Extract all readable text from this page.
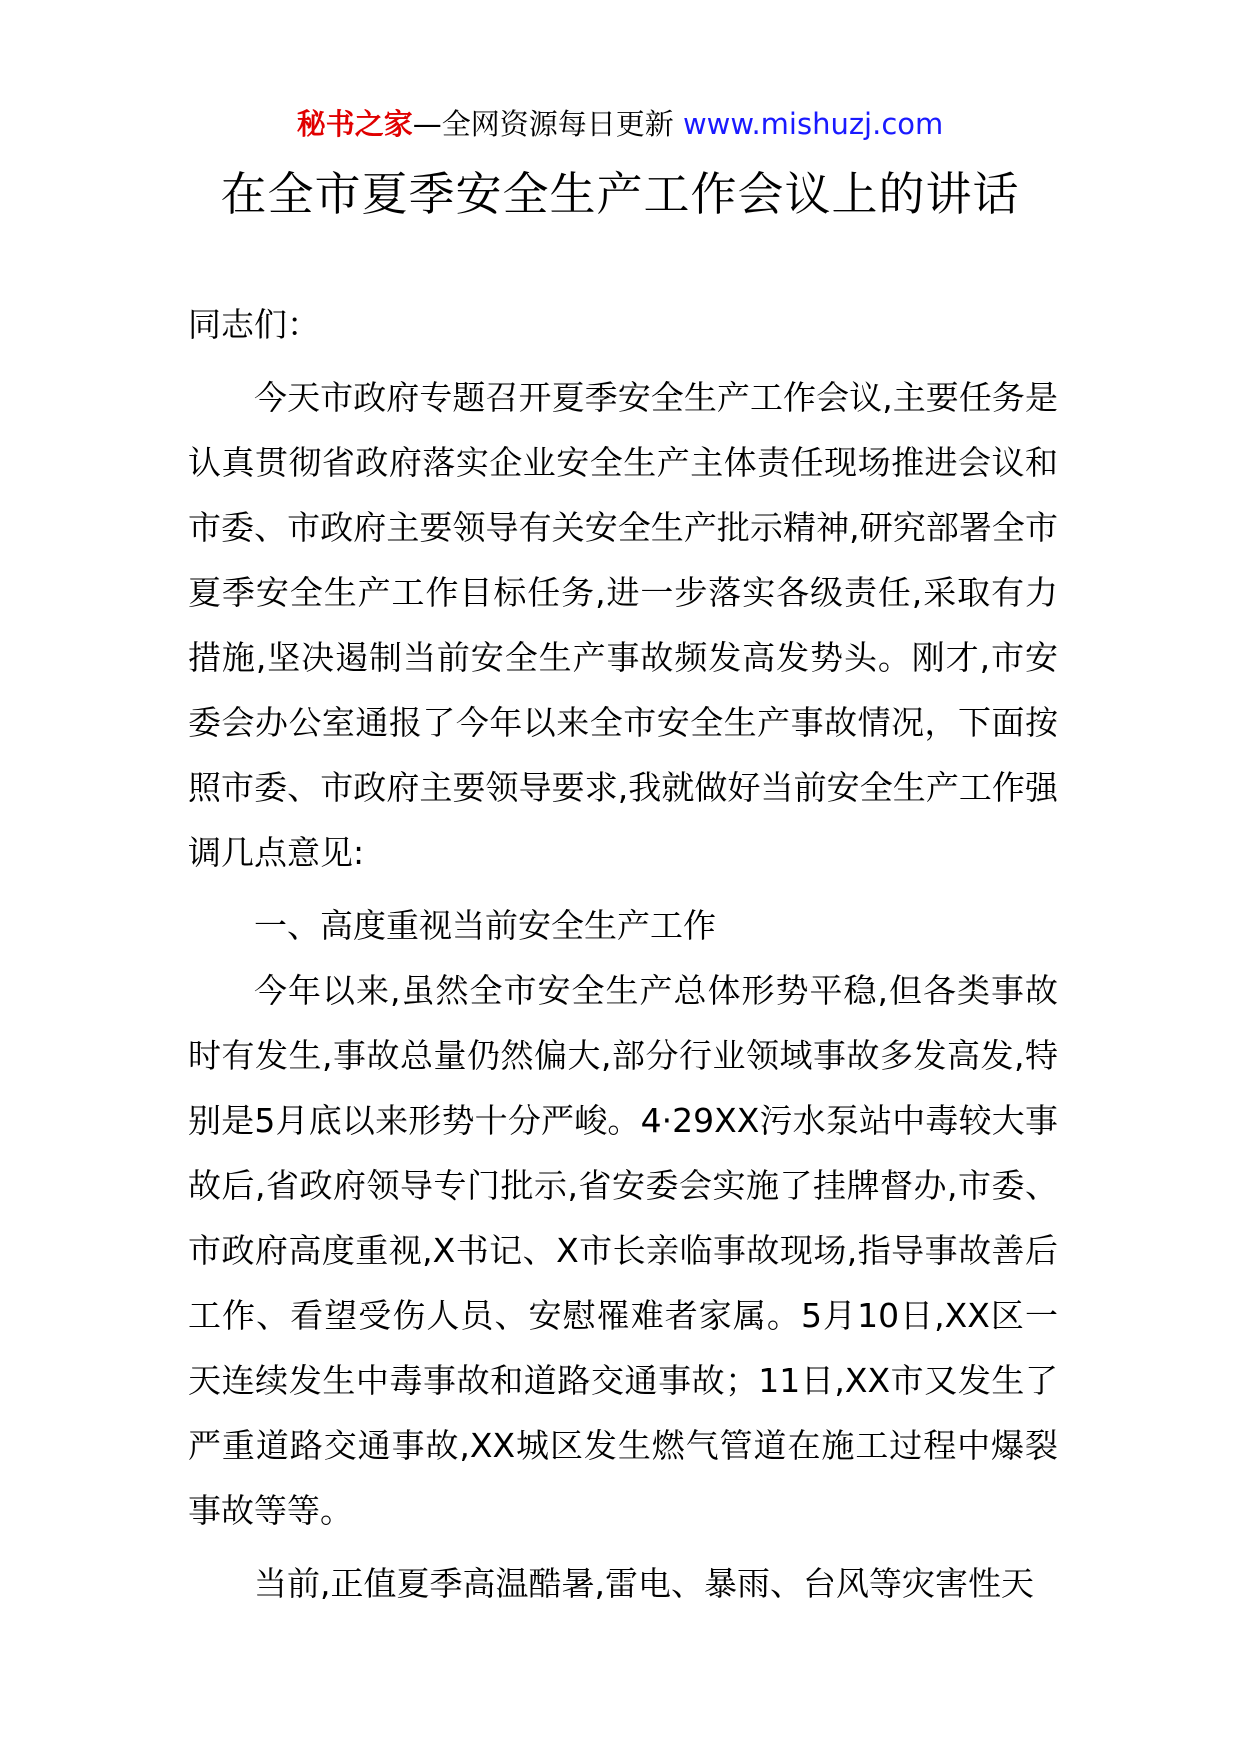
秘书之家—全网资源每日更新 www.mishuzj.com
在全市夏季安全生产工作会议上的讲话

同志们：

今天市政府专题召开夏季安全生产工作会议,主要任务是认真贯彻省政府落实企业安全生产主体责任现场推进会议和市委、市政府主要领导有关安全生产批示精神,研究部署全市夏季安全生产工作目标任务,进一步落实各级责任,采取有力措施,坚决遏制当前安全生产事故频发高发势头。刚才,市安委会办公室通报了今年以来全市安全生产事故情况，下面按照市委、市政府主要领导要求,我就做好当前安全生产工作强调几点意见:

一、高度重视当前安全生产工作

今年以来,虽然全市安全生产总体形势平稳,但各类事故时有发生,事故总量仍然偏大,部分行业领域事故多发高发,特别是5月底以来形势十分严峻。4·29XX污水泵站中毒较大事故后,省政府领导专门批示,省安委会实施了挂牌督办,市委、市政府高度重视,X书记、X市长亲临事故现场,指导事故善后工作、看望受伤人员、安慰罹难者家属。5月10日,XX区一天连续发生中毒事故和道路交通事故；11日,XX市又发生了严重道路交通事故,XX城区发生燃气管道在施工过程中爆裂事故等等。

当前,正值夏季高温酷暑,雷电、暴雨、台风等灾害性天
